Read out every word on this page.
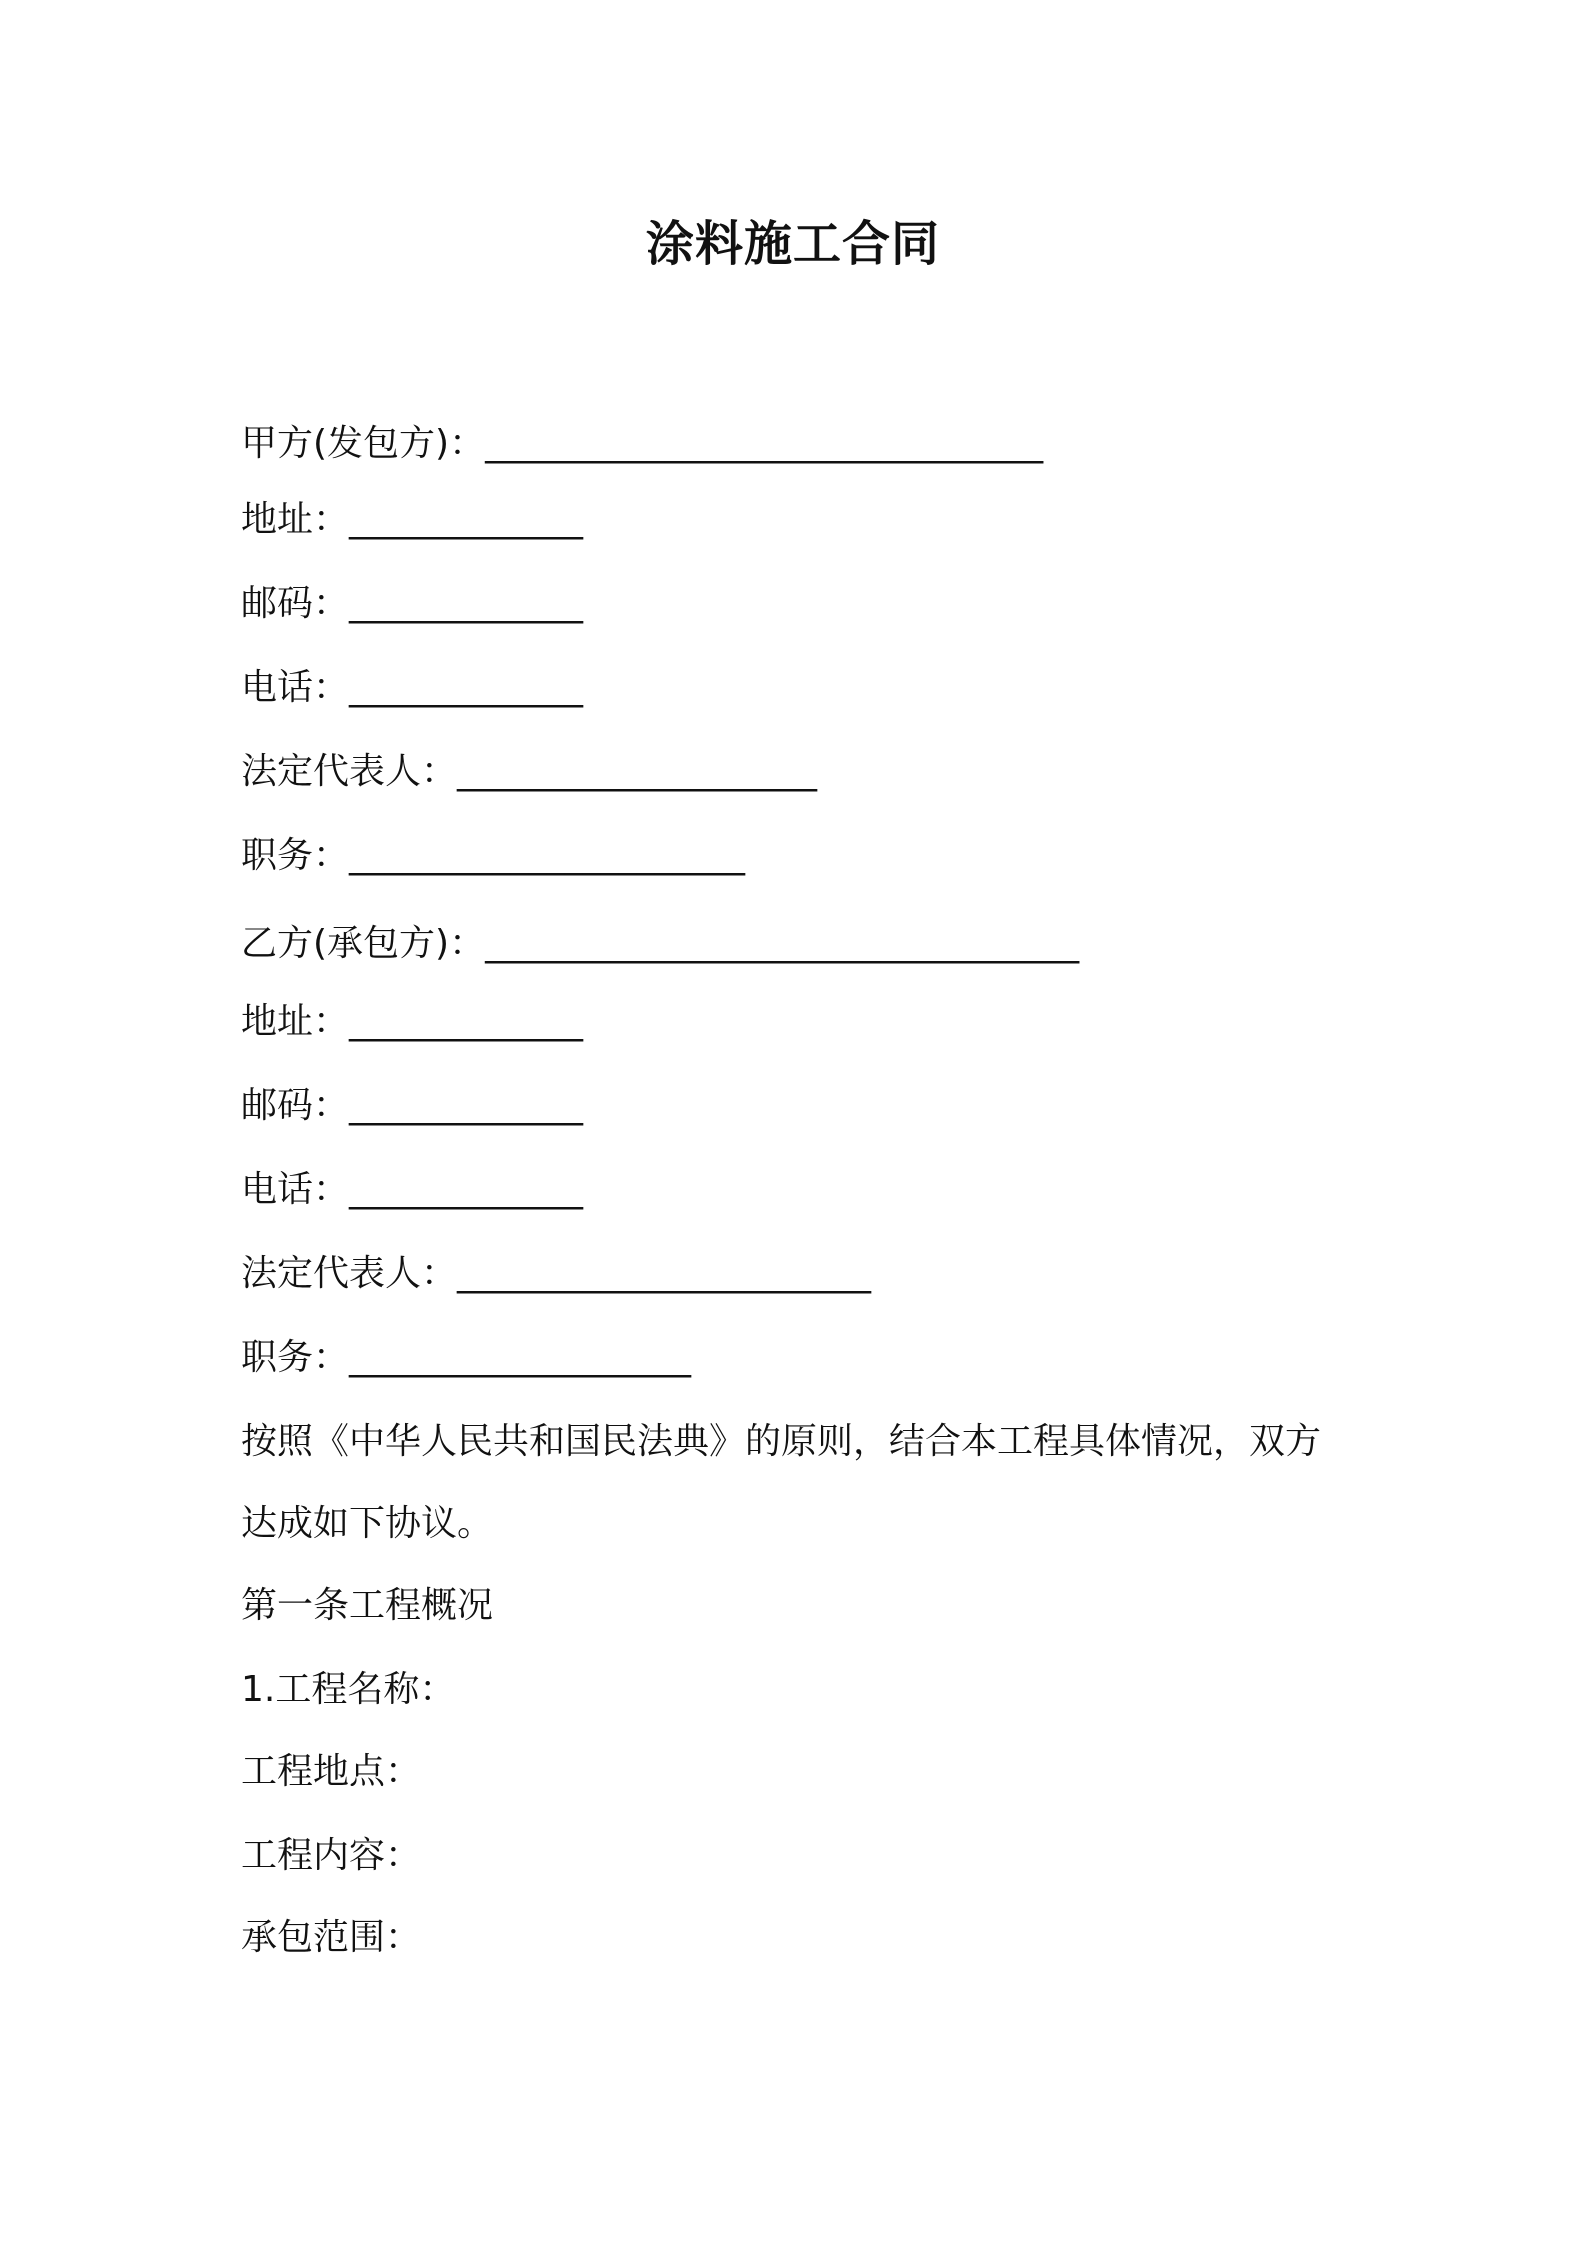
涂料施工合同
甲方(发包方)：_______________________________
地址：_____________
邮码：_____________
电话：_____________
法定代表人：____________________
职务：______________________
乙方(承包方)：_________________________________
地址：_____________
邮码：_____________
电话：_____________
法定代表人：_______________________
职务：___________________
按照《中华人民共和国民法典》的原则，结合本工程具体情况，双方
达成如下协议。
第一条工程概况
1.工程名称：
工程地点：
工程内容：
承包范围：
